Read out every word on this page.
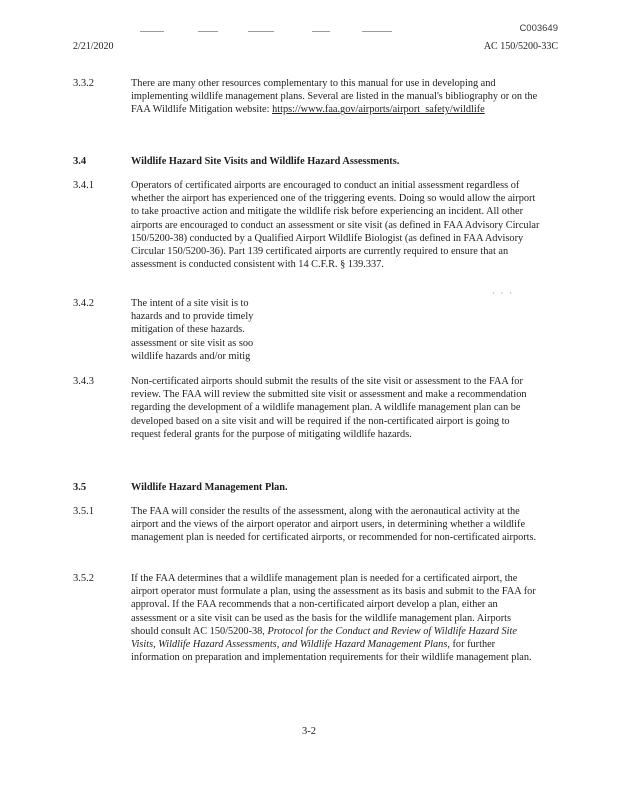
C003649
2/21/2020	AC 150/5200-33C
3.3.2	There are many other resources complementary to this manual for use in developing and implementing wildlife management plans. Several are listed in the manual's bibliography or on the FAA Wildlife Mitigation website: https://www.faa.gov/airports/airport_safety/wildlife
3.4	Wildlife Hazard Site Visits and Wildlife Hazard Assessments.
3.4.1	Operators of certificated airports are encouraged to conduct an initial assessment regardless of whether the airport has experienced one of the triggering events. Doing so would allow the airport to take proactive action and mitigate the wildlife risk before experiencing an incident. All other airports are encouraged to conduct an assessment or site visit (as defined in FAA Advisory Circular 150/5200-38) conducted by a Qualified Airport Wildlife Biologist (as defined in FAA Advisory Circular 150/5200-36). Part 139 certificated airports are currently required to ensure that an assessment is conducted consistent with 14 C.F.R. § 139.337.
· · ·
3.4.2	The intent of a site visit is to
hazards and to provide timely
mitigation of these hazards.
assessment or site visit as soo
wildlife hazards and/or mitig
3.4.3	Non-certificated airports should submit the results of the site visit or assessment to the FAA for review. The FAA will review the submitted site visit or assessment and make a recommendation regarding the development of a wildlife management plan. A wildlife management plan can be developed based on a site visit and will be required if the non-certificated airport is going to request federal grants for the purpose of mitigating wildlife hazards.
3.5	Wildlife Hazard Management Plan.
3.5.1	The FAA will consider the results of the assessment, along with the aeronautical activity at the airport and the views of the airport operator and airport users, in determining whether a wildlife management plan is needed for certificated airports, or recommended for non-certificated airports.
3.5.2	If the FAA determines that a wildlife management plan is needed for a certificated airport, the airport operator must formulate a plan, using the assessment as its basis and submit to the FAA for approval. If the FAA recommends that a non-certificated airport develop a plan, either an assessment or a site visit can be used as the basis for the wildlife management plan. Airports should consult AC 150/5200-38, Protocol for the Conduct and Review of Wildlife Hazard Site Visits, Wildlife Hazard Assessments, and Wildlife Hazard Management Plans, for further information on preparation and implementation requirements for their wildlife management plan.
3-2
